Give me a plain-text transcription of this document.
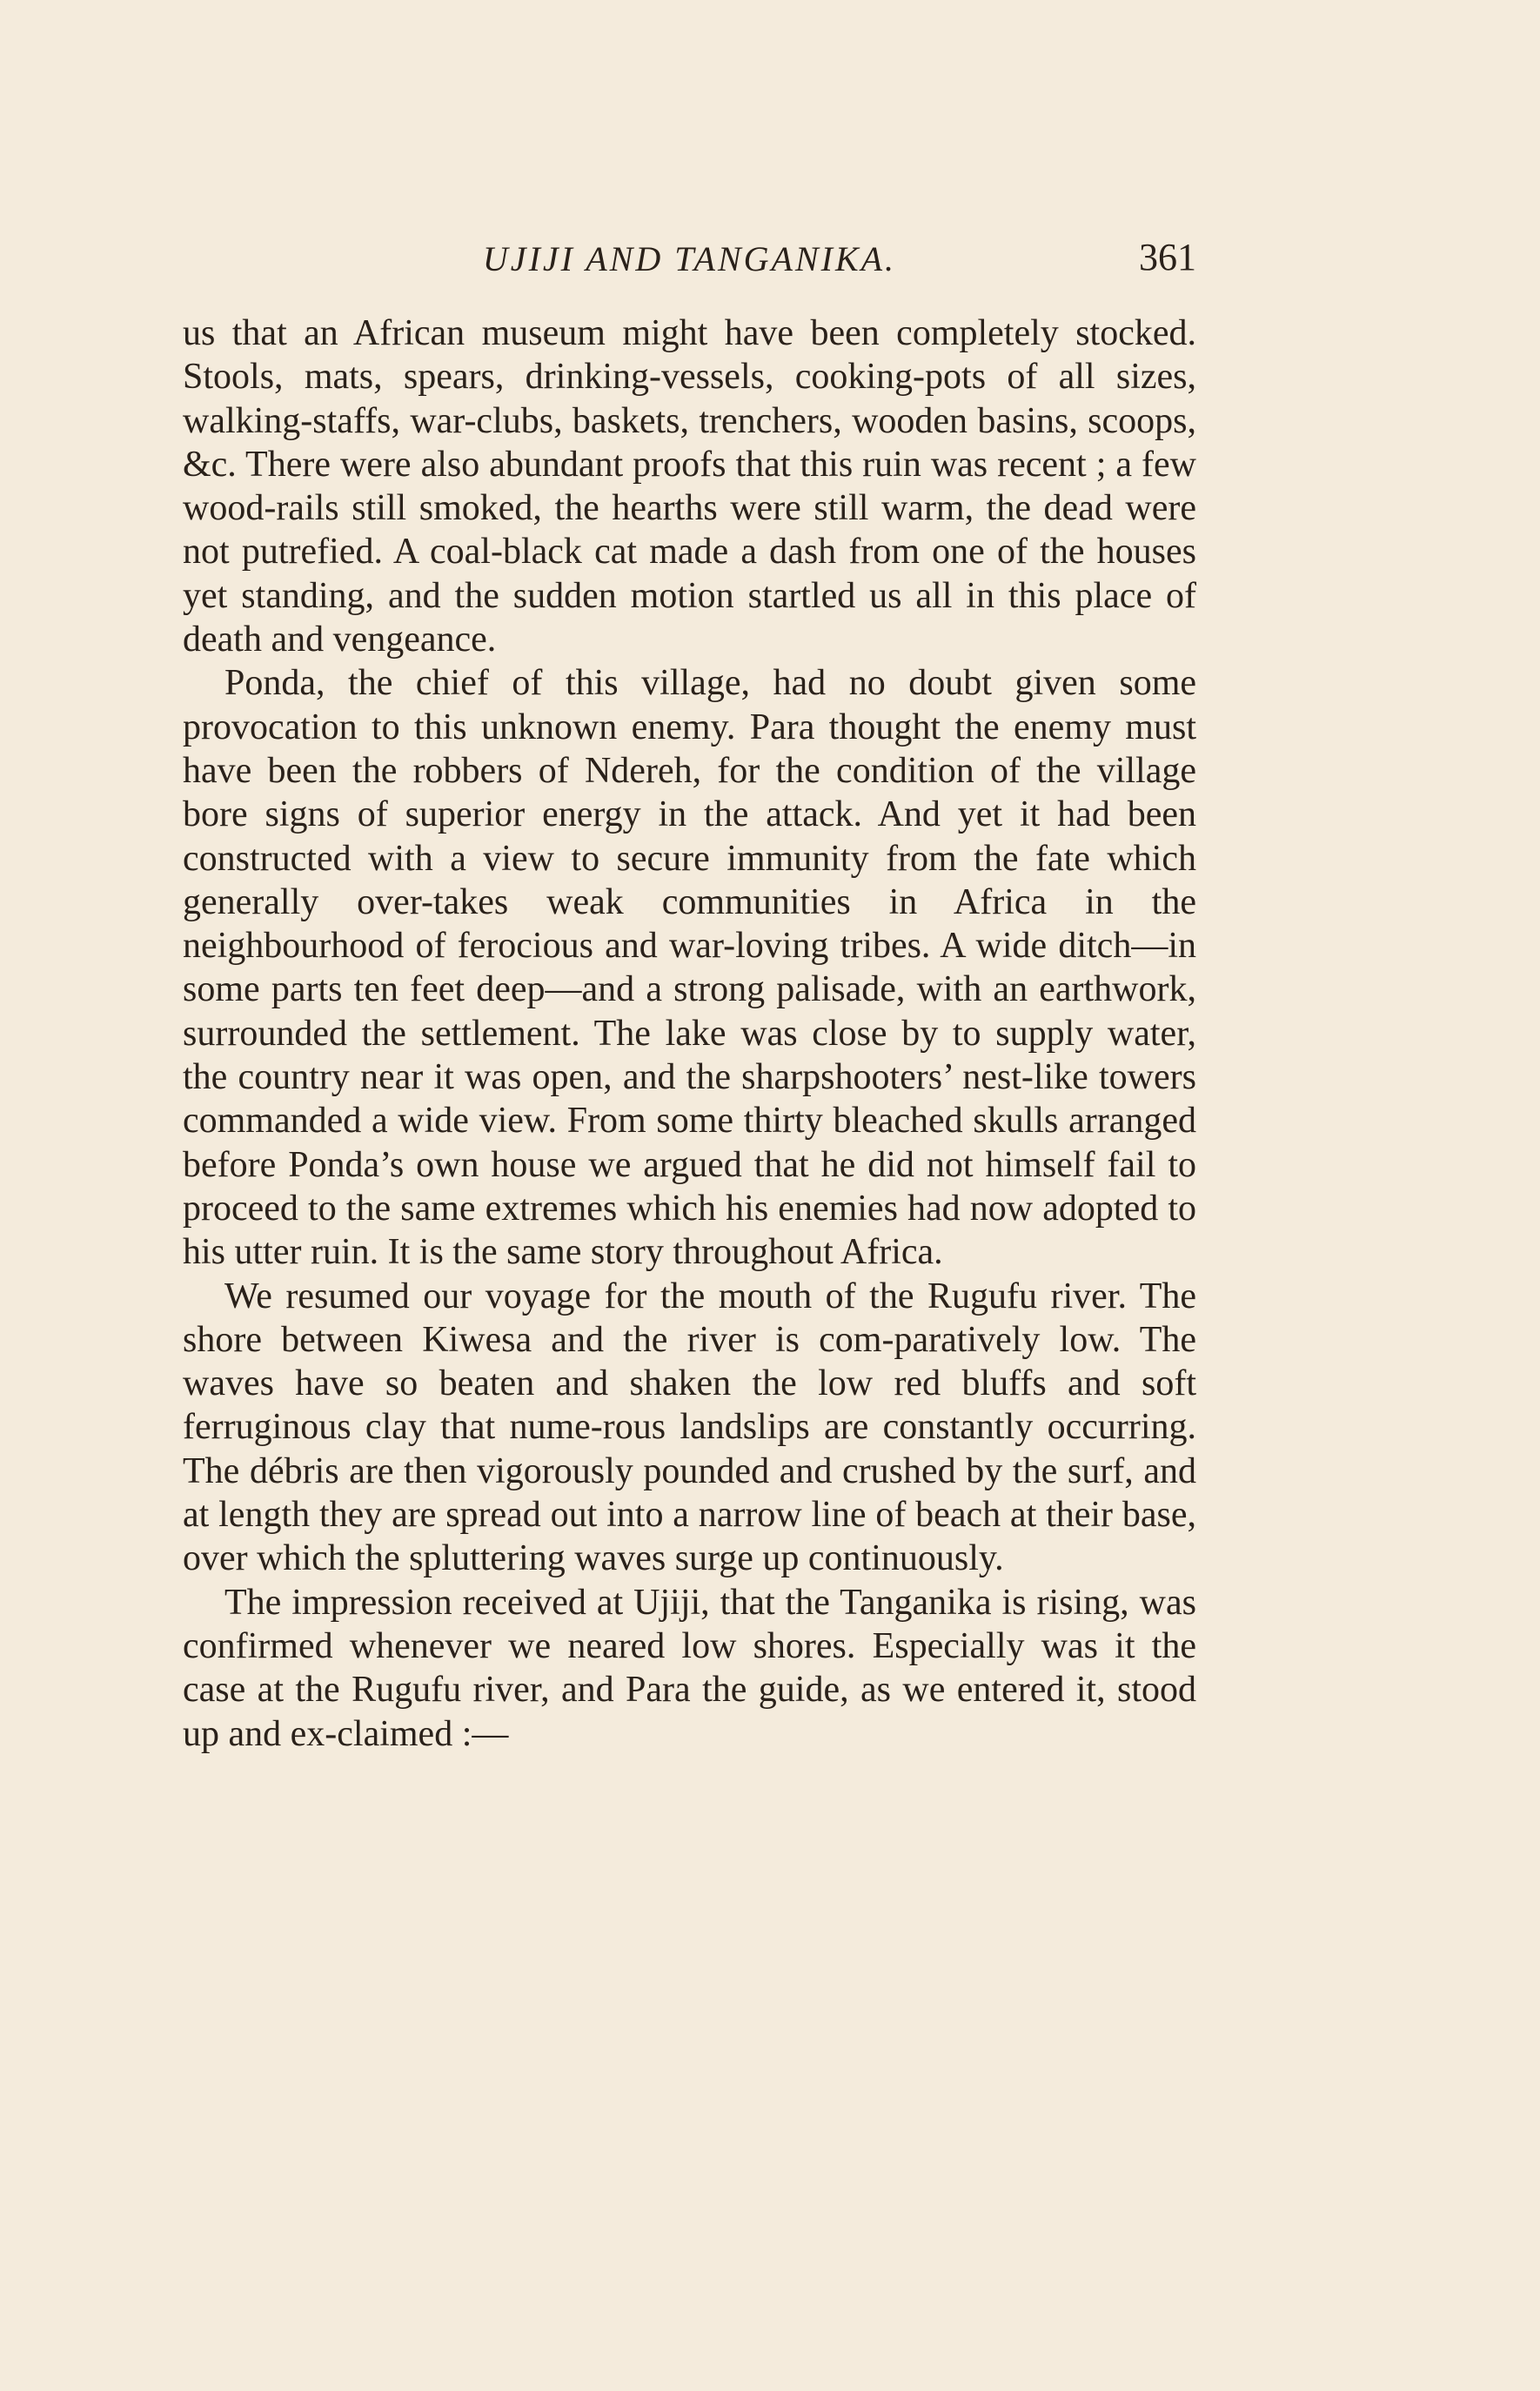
UJIJI AND TANGANIKA.	361

us that an African museum might have been completely stocked. Stools, mats, spears, drinking-vessels, cooking-pots of all sizes, walking-staffs, war-clubs, baskets, trenchers, wooden basins, scoops, &c. There were also abundant proofs that this ruin was recent ; a few wood-rails still smoked, the hearths were still warm, the dead were not putrefied. A coal-black cat made a dash from one of the houses yet standing, and the sudden motion startled us all in this place of death and vengeance.

Ponda, the chief of this village, had no doubt given some provocation to this unknown enemy. Para thought the enemy must have been the robbers of Ndereh, for the condition of the village bore signs of superior energy in the attack. And yet it had been constructed with a view to secure immunity from the fate which generally over-takes weak communities in Africa in the neighbourhood of ferocious and war-loving tribes. A wide ditch—in some parts ten feet deep—and a strong palisade, with an earthwork, surrounded the settlement. The lake was close by to supply water, the country near it was open, and the sharpshooters’ nest-like towers commanded a wide view. From some thirty bleached skulls arranged before Ponda’s own house we argued that he did not himself fail to proceed to the same extremes which his enemies had now adopted to his utter ruin. It is the same story throughout Africa.

We resumed our voyage for the mouth of the Rugufu river. The shore between Kiwesa and the river is com-paratively low. The waves have so beaten and shaken the low red bluffs and soft ferruginous clay that nume-rous landslips are constantly occurring. The débris are then vigorously pounded and crushed by the surf, and at length they are spread out into a narrow line of beach at their base, over which the spluttering waves surge up continuously.

The impression received at Ujiji, that the Tanganika is rising, was confirmed whenever we neared low shores. Especially was it the case at the Rugufu river, and Para the guide, as we entered it, stood up and ex-claimed :—
